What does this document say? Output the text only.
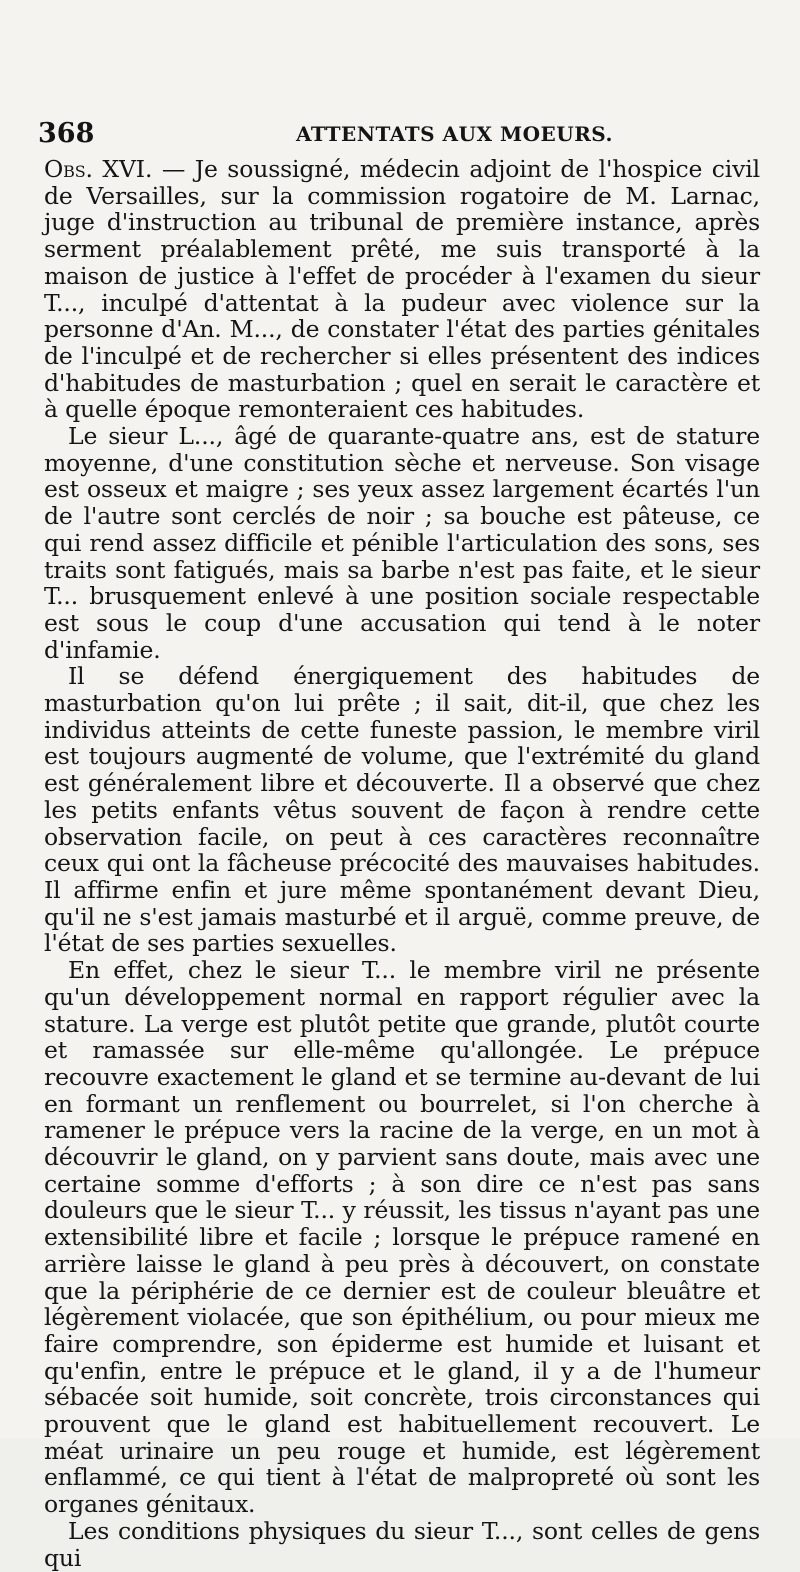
368	ATTENTATS AUX MOEURS.

Obs. XVI. — Je soussigné, médecin adjoint de l'hospice civil de Versailles, sur la commission rogatoire de M. Larnac, juge d'instruction au tribunal de première instance, après serment préalablement prêté, me suis transporté à la maison de justice à l'effet de procéder à l'examen du sieur T..., inculpé d'attentat à la pudeur avec violence sur la personne d'An. M..., de constater l'état des parties génitales de l'inculpé et de rechercher si elles présentent des indices d'habitudes de masturbation ; quel en serait le caractère et à quelle époque remonteraient ces habitudes.

Le sieur L..., âgé de quarante-quatre ans, est de stature moyenne, d'une constitution sèche et nerveuse. Son visage est osseux et maigre ; ses yeux assez largement écartés l'un de l'autre sont cerclés de noir ; sa bouche est pâteuse, ce qui rend assez difficile et pénible l'articulation des sons, ses traits sont fatigués, mais sa barbe n'est pas faite, et le sieur T... brusquement enlevé à une position sociale respectable est sous le coup d'une accusation qui tend à le noter d'infamie.

Il se défend énergiquement des habitudes de masturbation qu'on lui prête ; il sait, dit-il, que chez les individus atteints de cette funeste passion, le membre viril est toujours augmenté de volume, que l'extrémité du gland est généralement libre et découverte. Il a observé que chez les petits enfants vêtus souvent de façon à rendre cette observation facile, on peut à ces caractères reconnaître ceux qui ont la fâcheuse précocité des mauvaises habitudes. Il affirme enfin et jure même spontanément devant Dieu, qu'il ne s'est jamais masturbé et il arguë, comme preuve, de l'état de ses parties sexuelles.

En effet, chez le sieur T... le membre viril ne présente qu'un développement normal en rapport régulier avec la stature. La verge est plutôt petite que grande, plutôt courte et ramassée sur elle-même qu'allongée. Le prépuce recouvre exactement le gland et se termine au-devant de lui en formant un renflement ou bourrelet, si l'on cherche à ramener le prépuce vers la racine de la verge, en un mot à découvrir le gland, on y parvient sans doute, mais avec une certaine somme d'efforts ; à son dire ce n'est pas sans douleurs que le sieur T... y réussit, les tissus n'ayant pas une extensibilité libre et facile ; lorsque le prépuce ramené en arrière laisse le gland à peu près à découvert, on constate que la périphérie de ce dernier est de couleur bleuâtre et légèrement violacée, que son épithélium, ou pour mieux me faire comprendre, son épiderme est humide et luisant et qu'enfin, entre le prépuce et le gland, il y a de l'humeur sébacée soit humide, soit concrète, trois circonstances qui prouvent que le gland est habituellement recouvert. Le méat urinaire un peu rouge et humide, est légèrement enflammé, ce qui tient à l'état de malpropreté où sont les organes génitaux.

Les conditions physiques du sieur T..., sont celles de gens qui
